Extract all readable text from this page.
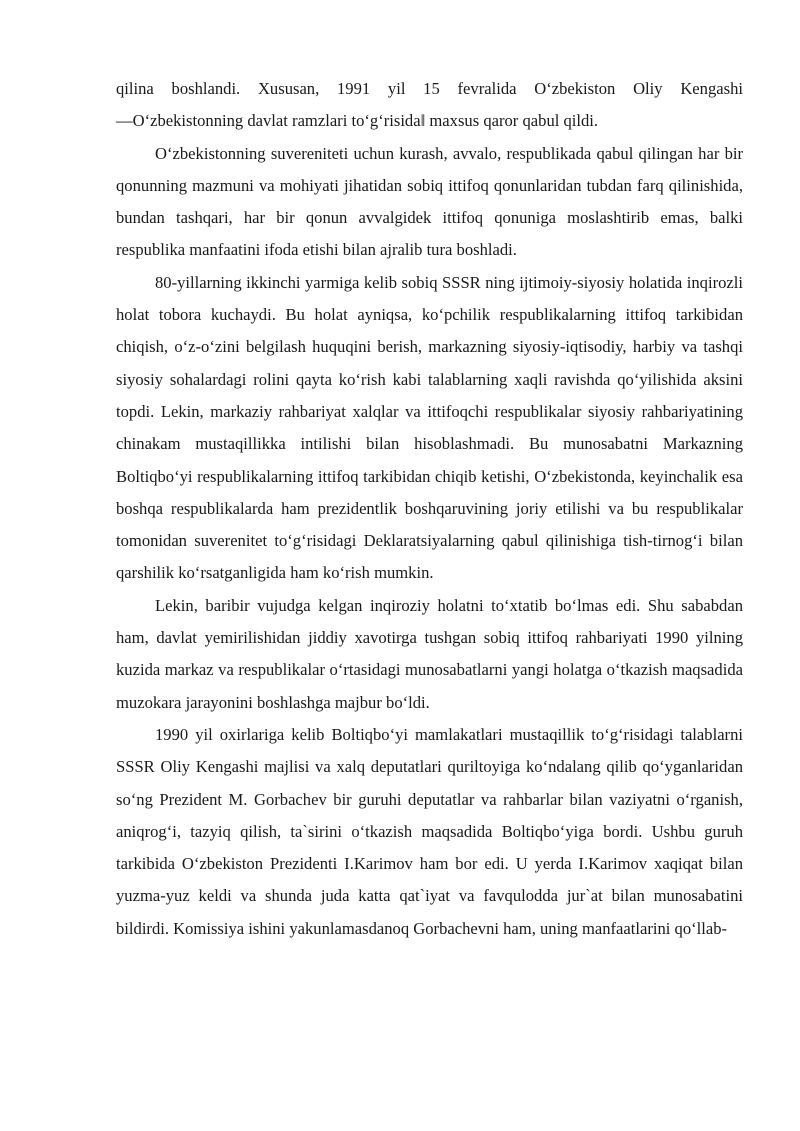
qilina boshlandi. Xususan, 1991 yil 15 fevralida O‘zbekiston Oliy Kengashi ―O‘zbekistonning davlat ramzlari to‘g‘risida‖ maxsus qaror qabul qildi.

O‘zbekistonning suvereniteti uchun kurash, avvalo, respublikada qabul qilingan har bir qonunning mazmuni va mohiyati jihatidan sobiq ittifoq qonunlaridan tubdan farq qilinishida, bundan tashqari, har bir qonun avvalgidek ittifoq qonuniga moslashtirib emas, balki respublika manfaatini ifoda etishi bilan ajralib tura boshladi.

80-yillarning ikkinchi yarmiga kelib sobiq SSSR ning ijtimoiy-siyosiy holatida inqirozli holat tobora kuchaydi. Bu holat ayniqsa, ko‘pchilik respublikalarning ittifoq tarkibidan chiqish, o‘z-o‘zini belgilash huquqini berish, markazning siyosiy-iqtisodiy, harbiy va tashqi siyosiy sohalardagi rolini qayta ko‘rish kabi talablarning xaqli ravishda qo‘yilishida aksini topdi. Lekin, markaziy rahbariyat xalqlar va ittifoqchi respublikalar siyosiy rahbariyatining chinakam mustaqillikka intilishi bilan hisoblashmadi. Bu munosabatni Markazning Boltiqbo‘yi respublikalarning ittifoq tarkibidan chiqib ketishi, O‘zbekistonda, keyinchalik esa boshqa respublikalarda ham prezidentlik boshqaruvining joriy etilishi va bu respublikalar tomonidan suverenitet to‘g‘risidagi Deklaratsiyalarning qabul qilinishiga tish-tirnog‘i bilan qarshilik ko‘rsatganligida ham ko‘rish mumkin.

Lekin, baribir vujudga kelgan inqiroziy holatni to‘xtatib bo‘lmas edi. Shu sababdan ham, davlat yemirilishidan jiddiy xavotirga tushgan sobiq ittifoq rahbariyati 1990 yilning kuzida markaz va respublikalar o‘rtasidagi munosabatlarni yangi holatga o‘tkazish maqsadida muzokara jarayonini boshlashga majbur bo‘ldi.

1990 yil oxirlariga kelib Boltiqbo‘yi mamlakatlari mustaqillik to‘g‘risidagi talablarni SSSR Oliy Kengashi majlisi va xalq deputatlari quriltoyiga ko‘ndalang qilib qo‘yganlaridan so‘ng Prezident M. Gorbachev bir guruhi deputatlar va rahbarlar bilan vaziyatni o‘rganish, aniqrog‘i, tazyiq qilish, ta`sirini o‘tkazish maqsadida Boltiqbo‘yiga bordi. Ushbu guruh tarkibida O‘zbekiston Prezidenti I.Karimov ham bor edi. U yerda I.Karimov xaqiqat bilan yuzma-yuz keldi va shunda juda katta qat`iyat va favqulodda jur`at bilan munosabatini bildirdi. Komissiya ishini yakunlamasdanoq Gorbachevni ham, uning manfaatlarini qo‘llab-
